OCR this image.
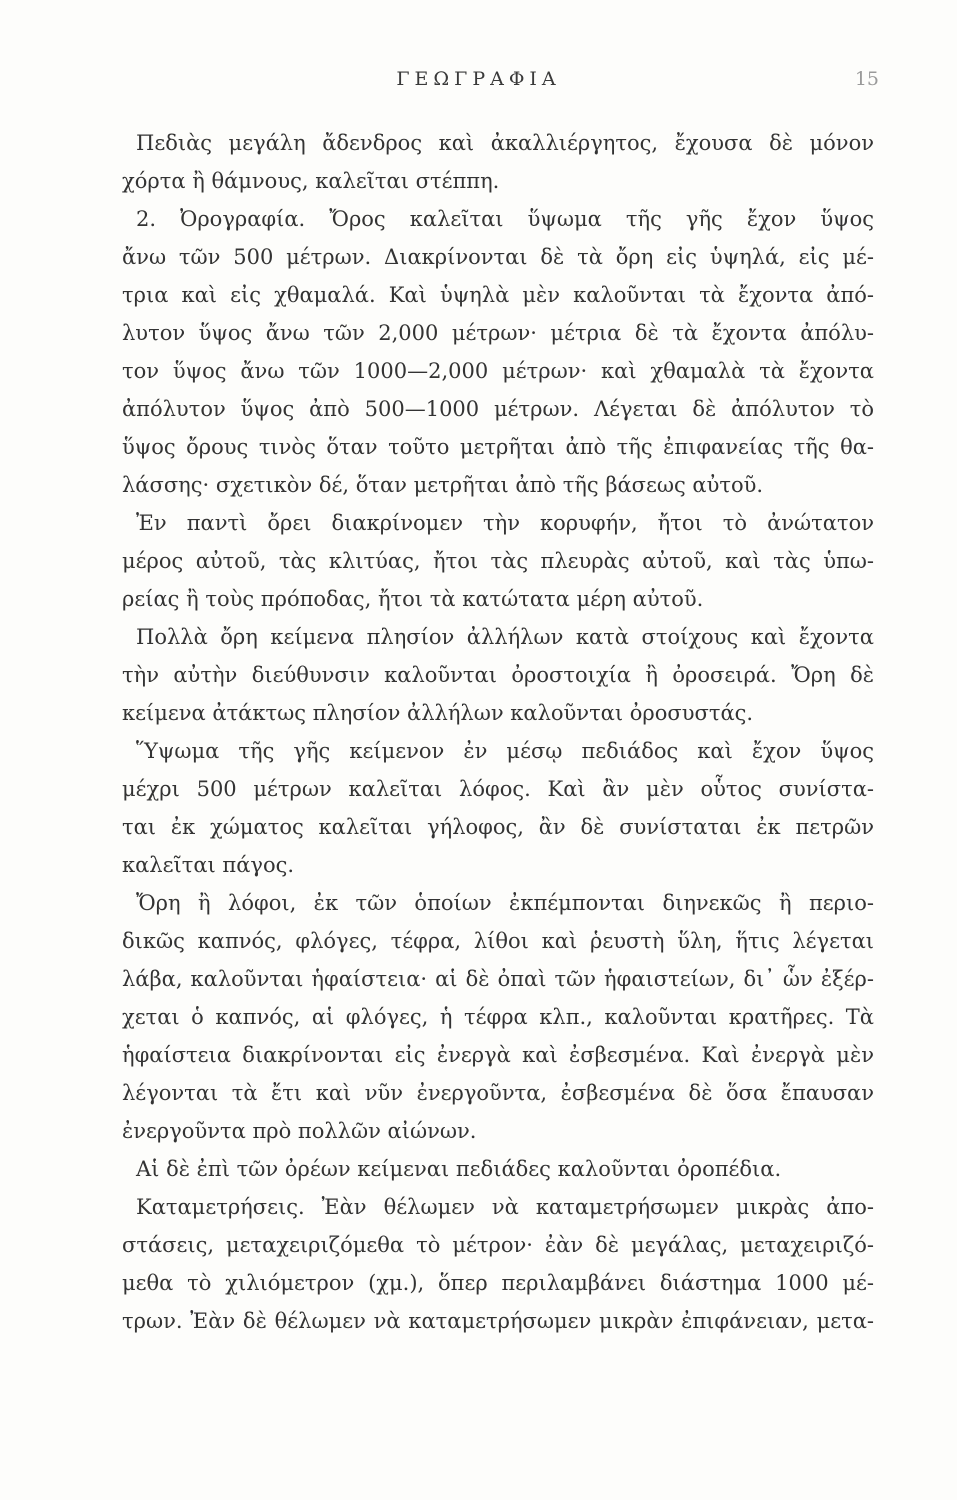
ΓΕΩΓΡΑΦΙΑ	15
Πεδιὰς μεγάλη ἄδενδρος καὶ ἀκαλλιέργητος, ἔχουσα δὲ μόνον
χόρτα ἢ θάμνους, καλεῖται στέππη.
2. Ὀρογραφία. Ὄρος καλεῖται ὕψωμα τῆς γῆς ἔχον ὕψος
ἄνω τῶν 500 μέτρων. Διακρίνονται δὲ τὰ ὄρη εἰς ὑψηλά, εἰς μέ-
τρια καὶ εἰς χθαμαλά. Καὶ ὑψηλὰ μὲν καλοῦνται τὰ ἔχοντα ἀπό-
λυτον ὕψος ἄνω τῶν 2,000 μέτρων· μέτρια δὲ τὰ ἔχοντα ἀπόλυ-
τον ὕψος ἄνω τῶν 1000—2,000 μέτρων· καὶ χθαμαλὰ τὰ ἔχοντα
ἀπόλυτον ὕψος ἀπὸ 500—1000 μέτρων. Λέγεται δὲ ἀπόλυτον τὸ
ὕψος ὄρους τινὸς ὅταν τοῦτο μετρῆται ἀπὸ τῆς ἐπιφανείας τῆς θα-
λάσσης· σχετικὸν δέ, ὅταν μετρῆται ἀπὸ τῆς βάσεως αὐτοῦ.
Ἐν παντὶ ὄρει διακρίνομεν τὴν κορυφήν, ἤτοι τὸ ἀνώτατον
μέρος αὐτοῦ, τὰς κλιτύας, ἤτοι τὰς πλευρὰς αὐτοῦ, καὶ τὰς ὑπω-
ρείας ἢ τοὺς πρόποδας, ἤτοι τὰ κατώτατα μέρη αὐτοῦ.
Πολλὰ ὄρη κείμενα πλησίον ἀλλήλων κατὰ στοίχους καὶ ἔχοντα
τὴν αὐτὴν διεύθυνσιν καλοῦνται ὀροστοιχία ἢ ὀροσειρά. Ὄρη δὲ
κείμενα ἀτάκτως πλησίον ἀλλήλων καλοῦνται ὀροσυστάς.
Ὕψωμα τῆς γῆς κείμενον ἐν μέσῳ πεδιάδος καὶ ἔχον ὕψος
μέχρι 500 μέτρων καλεῖται λόφος. Καὶ ἂν μὲν οὗτος συνίστα-
ται ἐκ χώματος καλεῖται γήλοφος, ἂν δὲ συνίσταται ἐκ πετρῶν
καλεῖται πάγος.
Ὄρη ἢ λόφοι, ἐκ τῶν ὁποίων ἐκπέμπονται διηνεκῶς ἢ περιο-
δικῶς καπνός, φλόγες, τέφρα, λίθοι καὶ ῥευστὴ ὕλη, ἥτις λέγεται
λάβα, καλοῦνται ἡφαίστεια· αἱ δὲ ὀπαὶ τῶν ἡφαιστείων, δι᾽ ὧν ἐξέρ-
χεται ὁ καπνός, αἱ φλόγες, ἡ τέφρα κλπ., καλοῦνται κρατῆρες. Τὰ
ἡφαίστεια διακρίνονται εἰς ἐνεργὰ καὶ ἐσβεσμένα. Καὶ ἐνεργὰ μὲν
λέγονται τὰ ἔτι καὶ νῦν ἐνεργοῦντα, ἐσβεσμένα δὲ ὅσα ἔπαυσαν
ἐνεργοῦντα πρὸ πολλῶν αἰώνων.
Αἱ δὲ ἐπὶ τῶν ὀρέων κείμεναι πεδιάδες καλοῦνται ὀροπέδια.
Καταμετρήσεις. Ἐὰν θέλωμεν νὰ καταμετρήσωμεν μικρὰς ἀπο-
στάσεις, μεταχειριζόμεθα τὸ μέτρον· ἐὰν δὲ μεγάλας, μεταχειριζό-
μεθα τὸ χιλιόμετρον (χμ.), ὅπερ περιλαμβάνει διάστημα 1000 μέ-
τρων. Ἐὰν δὲ θέλωμεν νὰ καταμετρήσωμεν μικρὰν ἐπιφάνειαν, μετα-
